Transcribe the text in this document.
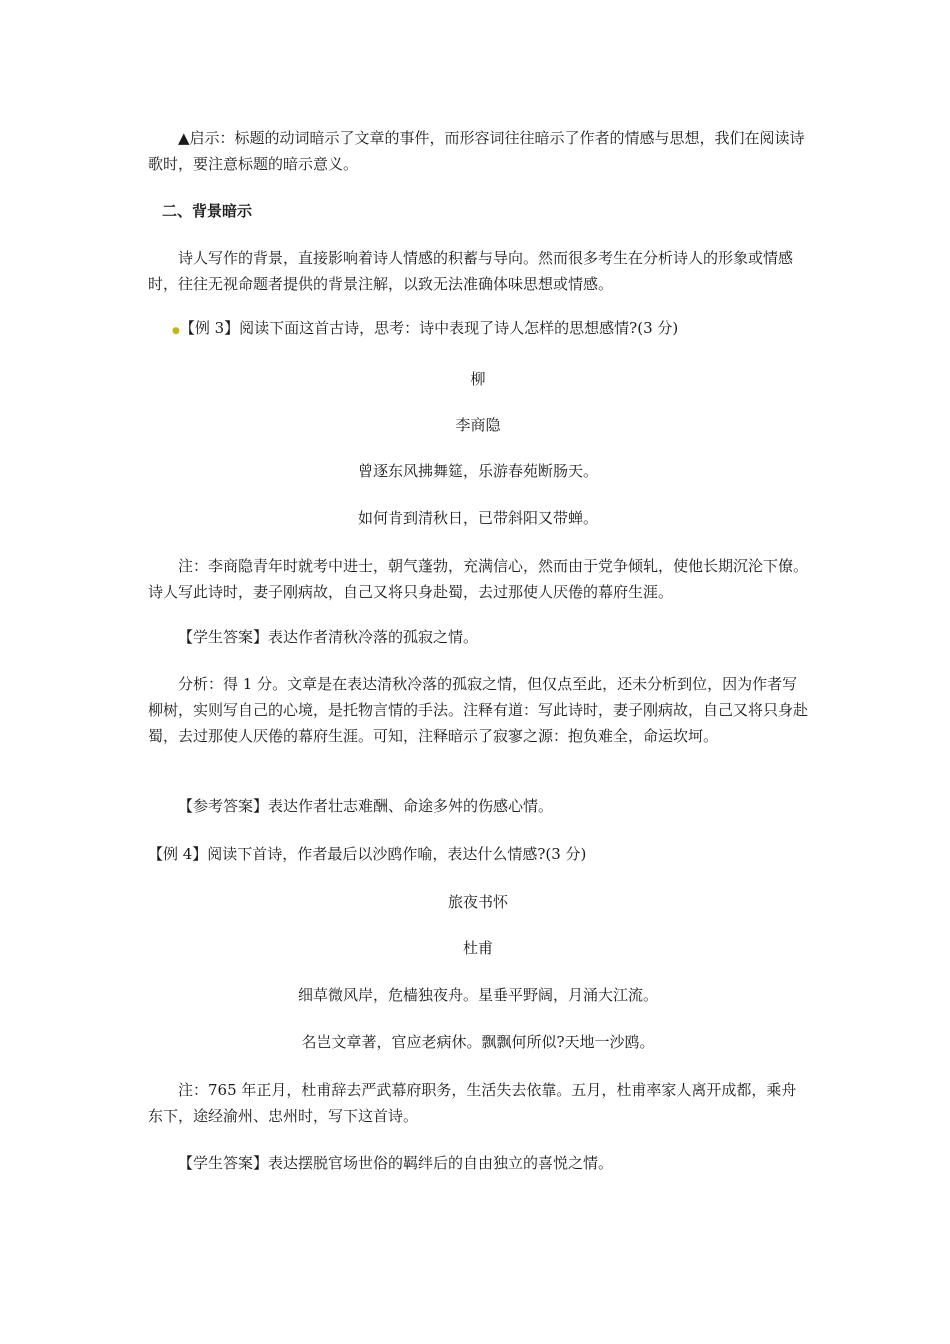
▲启示：标题的动词暗示了文章的事件，而形容词往往暗示了作者的情感与思想，我们在阅读诗歌时，要注意标题的暗示意义。

二、背景暗示

诗人写作的背景，直接影响着诗人情感的积蓄与导向。然而很多考生在分析诗人的形象或情感时，往往无视命题者提供的背景注解，以致无法准确体味思想或情感。

●【例 3】阅读下面这首古诗，思考：诗中表现了诗人怎样的思想感情?(3 分)

柳

李商隐

曾逐东风拂舞筵，乐游春苑断肠天。

如何肯到清秋日，已带斜阳又带蝉。

注：李商隐青年时就考中进士，朝气蓬勃，充满信心，然而由于党争倾轧，使他长期沉沦下僚。诗人写此诗时，妻子刚病故，自己又将只身赴蜀，去过那使人厌倦的幕府生涯。

【学生答案】表达作者清秋冷落的孤寂之情。

分析：得 1 分。文章是在表达清秋冷落的孤寂之情，但仅点至此，还未分析到位，因为作者写柳树，实则写自己的心境，是托物言情的手法。注释有道：写此诗时，妻子刚病故，自己又将只身赴蜀，去过那使人厌倦的幕府生涯。可知，注释暗示了寂寥之源：抱负难全，命运坎坷。

【参考答案】表达作者壮志难酬、命途多舛的伤感心情。

【例 4】阅读下首诗，作者最后以沙鸥作喻，表达什么情感?(3 分)

旅夜书怀

杜甫

细草微风岸，危樯独夜舟。星垂平野阔，月涌大江流。

名岂文章著，官应老病休。飘飘何所似?天地一沙鸥。

注：765 年正月，杜甫辞去严武幕府职务，生活失去依靠。五月，杜甫率家人离开成都，乘舟东下，途经渝州、忠州时，写下这首诗。

【学生答案】表达摆脱官场世俗的羁绊后的自由独立的喜悦之情。
